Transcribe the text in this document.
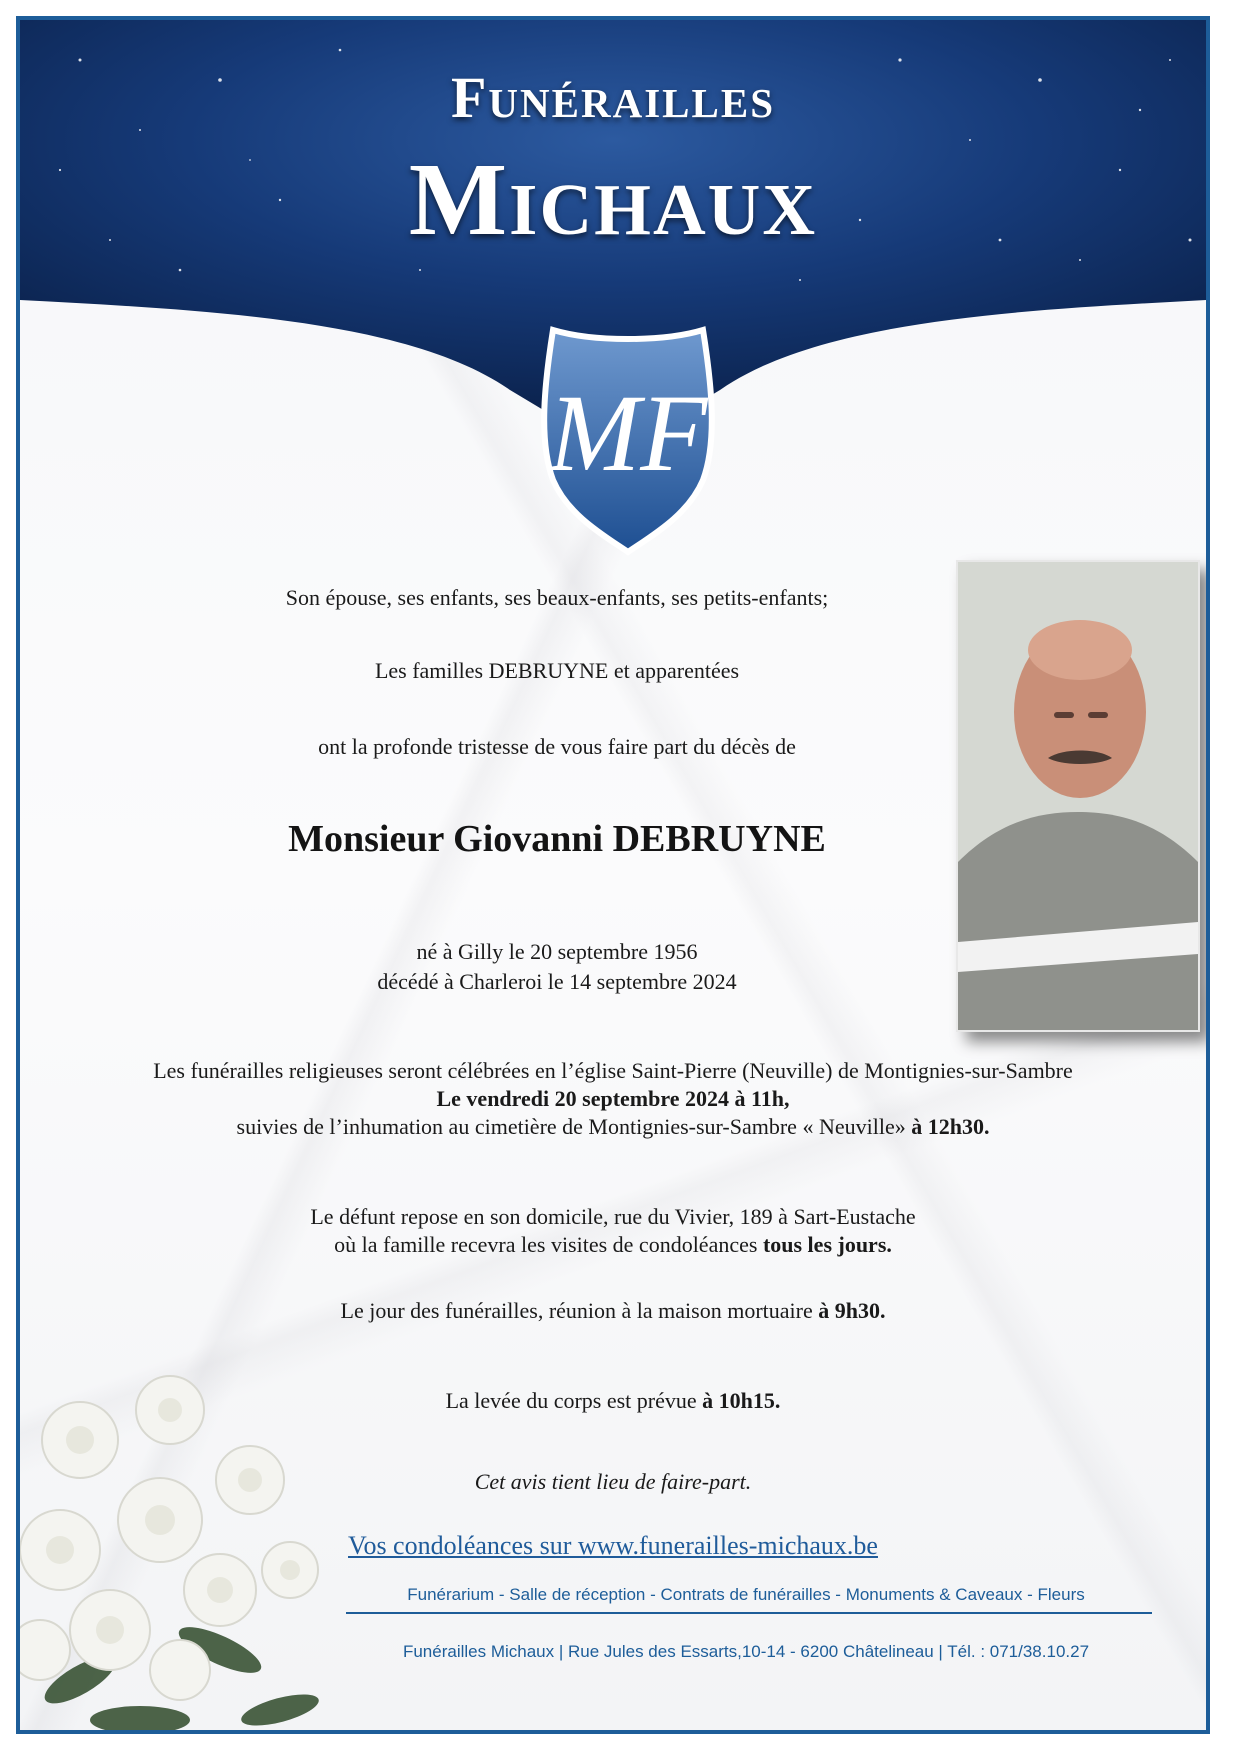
Funérailles
Michaux
MF
Son épouse, ses enfants, ses beaux-enfants, ses petits-enfants;
Les familles DEBRUYNE et apparentées
ont la profonde tristesse de vous faire part du décès de
Monsieur Giovanni DEBRUYNE
né à Gilly le 20 septembre 1956
décédé à Charleroi le 14 septembre 2024
Les funérailles religieuses seront célébrées en l’église Saint-Pierre (Neuville) de Montignies-sur-Sambre
Le vendredi 20 septembre 2024 à 11h,
suivies de l’inhumation au cimetière de Montignies-sur-Sambre « Neuville» à 12h30.
Le défunt repose en son domicile, rue du Vivier, 189 à Sart-Eustache
où la famille recevra les visites de condoléances tous les jours.
Le jour des funérailles, réunion à la maison mortuaire à 9h30.
La levée du corps est prévue à 10h15.
Cet avis tient lieu de faire-part.
Vos condoléances sur www.funerailles-michaux.be
Funérarium - Salle de réception - Contrats de funérailles - Monuments & Caveaux - Fleurs
Funérailles Michaux | Rue Jules des Essarts,10-14 - 6200 Châtelineau | Tél. : 071/38.10.27
